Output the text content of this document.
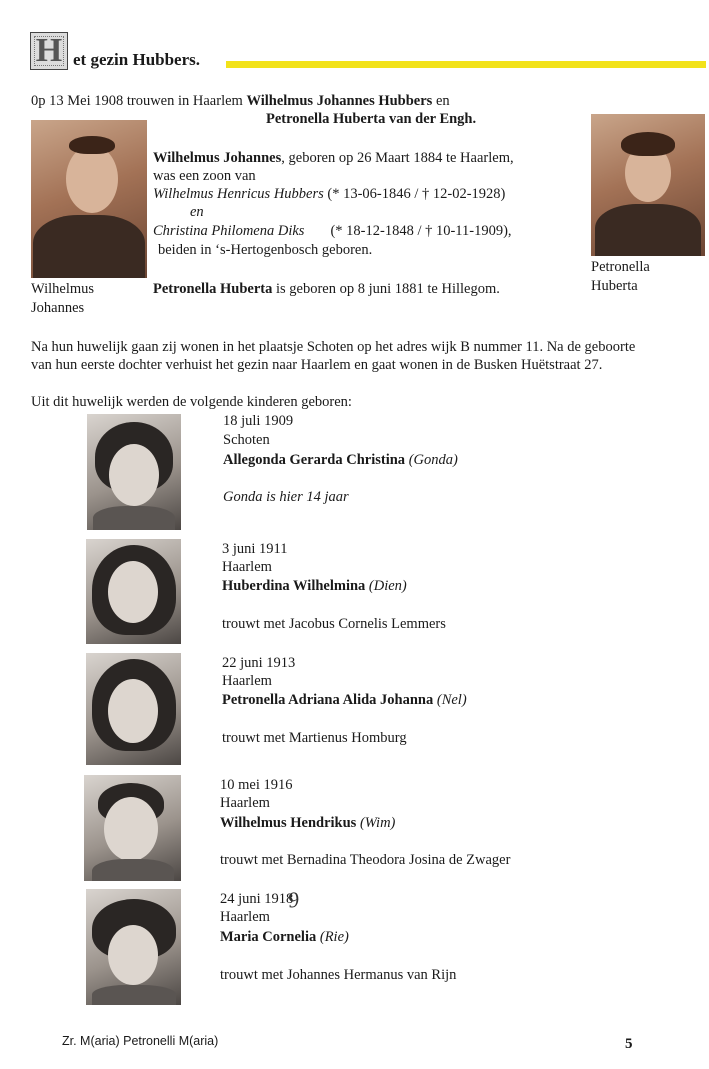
H et gezin Hubbers.
0p 13 Mei 1908 trouwen in Haarlem Wilhelmus Johannes Hubbers en
Petronella Huberta van der Engh.
Wilhelmus
Johannes
Petronella
Huberta
Wilhelmus Johannes, geboren op 26 Maart 1884 te Haarlem,
was een zoon van
Wilhelmus Henricus Hubbers (* 13-06-1846 / † 12-02-1928)
en
Christina Philomena Diks (* 18-12-1848 / † 10-11-1909),
beiden in ‘s-Hertogenbosch geboren.
Petronella Huberta is geboren op 8 juni 1881 te Hillegom.
Na hun huwelijk gaan zij wonen in het plaatsje Schoten op het adres wijk B nummer 11. Na de geboorte
van hun eerste dochter verhuist het gezin naar Haarlem en gaat wonen in de Busken Huëtstraat 27.
Uit dit huwelijk werden de volgende kinderen geboren:
18 juli 1909
Schoten
Allegonda Gerarda Christina (Gonda)
Gonda is hier 14 jaar
3 juni 1911
Haarlem
Huberdina Wilhelmina (Dien)
trouwt met Jacobus Cornelis Lemmers
22 juni 1913
Haarlem
Petronella Adriana Alida Johanna (Nel)
trouwt met Martienus Homburg
10 mei 1916
Haarlem
Wilhelmus Hendrikus (Wim)
trouwt met Bernadina Theodora Josina de Zwager
24 juni 1918
9
Haarlem
Maria Cornelia (Rie)
trouwt met Johannes Hermanus van Rijn
Zr. M(aria) Petronelli M(aria)	5
